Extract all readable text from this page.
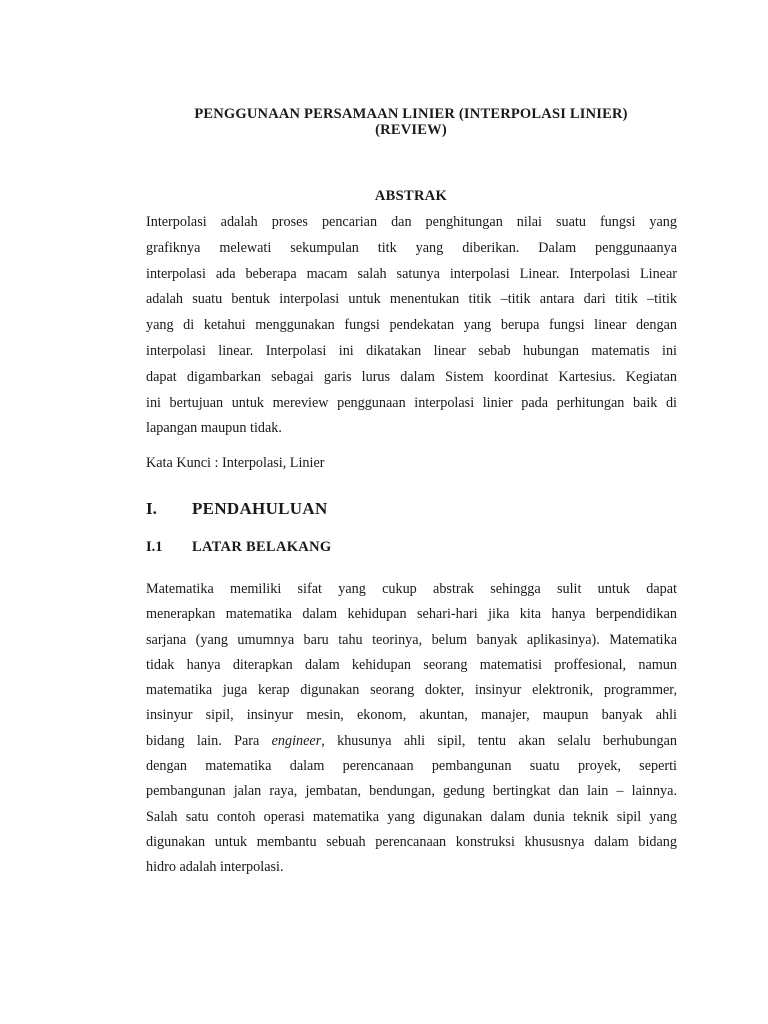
PENGGUNAAN PERSAMAAN LINIER (INTERPOLASI LINIER)
(REVIEW)
ABSTRAK
Interpolasi adalah proses pencarian dan penghitungan nilai suatu fungsi yang
grafiknya melewati sekumpulan titk yang diberikan. Dalam penggunaanya
interpolasi ada beberapa macam salah satunya interpolasi Linear. Interpolasi Linear
adalah suatu bentuk interpolasi untuk menentukan titik –titik antara dari titik –titik
yang di ketahui menggunakan fungsi pendekatan yang berupa fungsi linear dengan
interpolasi linear. Interpolasi ini dikatakan linear sebab hubungan matematis ini
dapat digambarkan sebagai garis lurus dalam Sistem koordinat Kartesius. Kegiatan
ini bertujuan untuk mereview penggunaan interpolasi linier pada perhitungan baik di
lapangan maupun tidak.
Kata Kunci : Interpolasi, Linier
I. PENDAHULUAN
I.1 LATAR BELAKANG
Matematika memiliki sifat yang cukup abstrak sehingga sulit untuk dapat
menerapkan matematika dalam kehidupan sehari-hari jika kita hanya berpendidikan
sarjana (yang umumnya baru tahu teorinya, belum banyak aplikasinya). Matematika
tidak hanya diterapkan dalam kehidupan seorang matematisi proffesional, namun
matematika juga kerap digunakan seorang dokter, insinyur elektronik, programmer,
insinyur sipil, insinyur mesin, ekonom, akuntan, manajer, maupun banyak ahli
bidang lain. Para engineer, khusunya ahli sipil, tentu akan selalu berhubungan
dengan matematika dalam perencanaan pembangunan suatu proyek, seperti
pembangunan jalan raya, jembatan, bendungan, gedung bertingkat dan lain – lainnya.
Salah satu contoh operasi matematika yang digunakan dalam dunia teknik sipil yang
digunakan untuk membantu sebuah perencanaan konstruksi khususnya dalam bidang
hidro adalah interpolasi.
